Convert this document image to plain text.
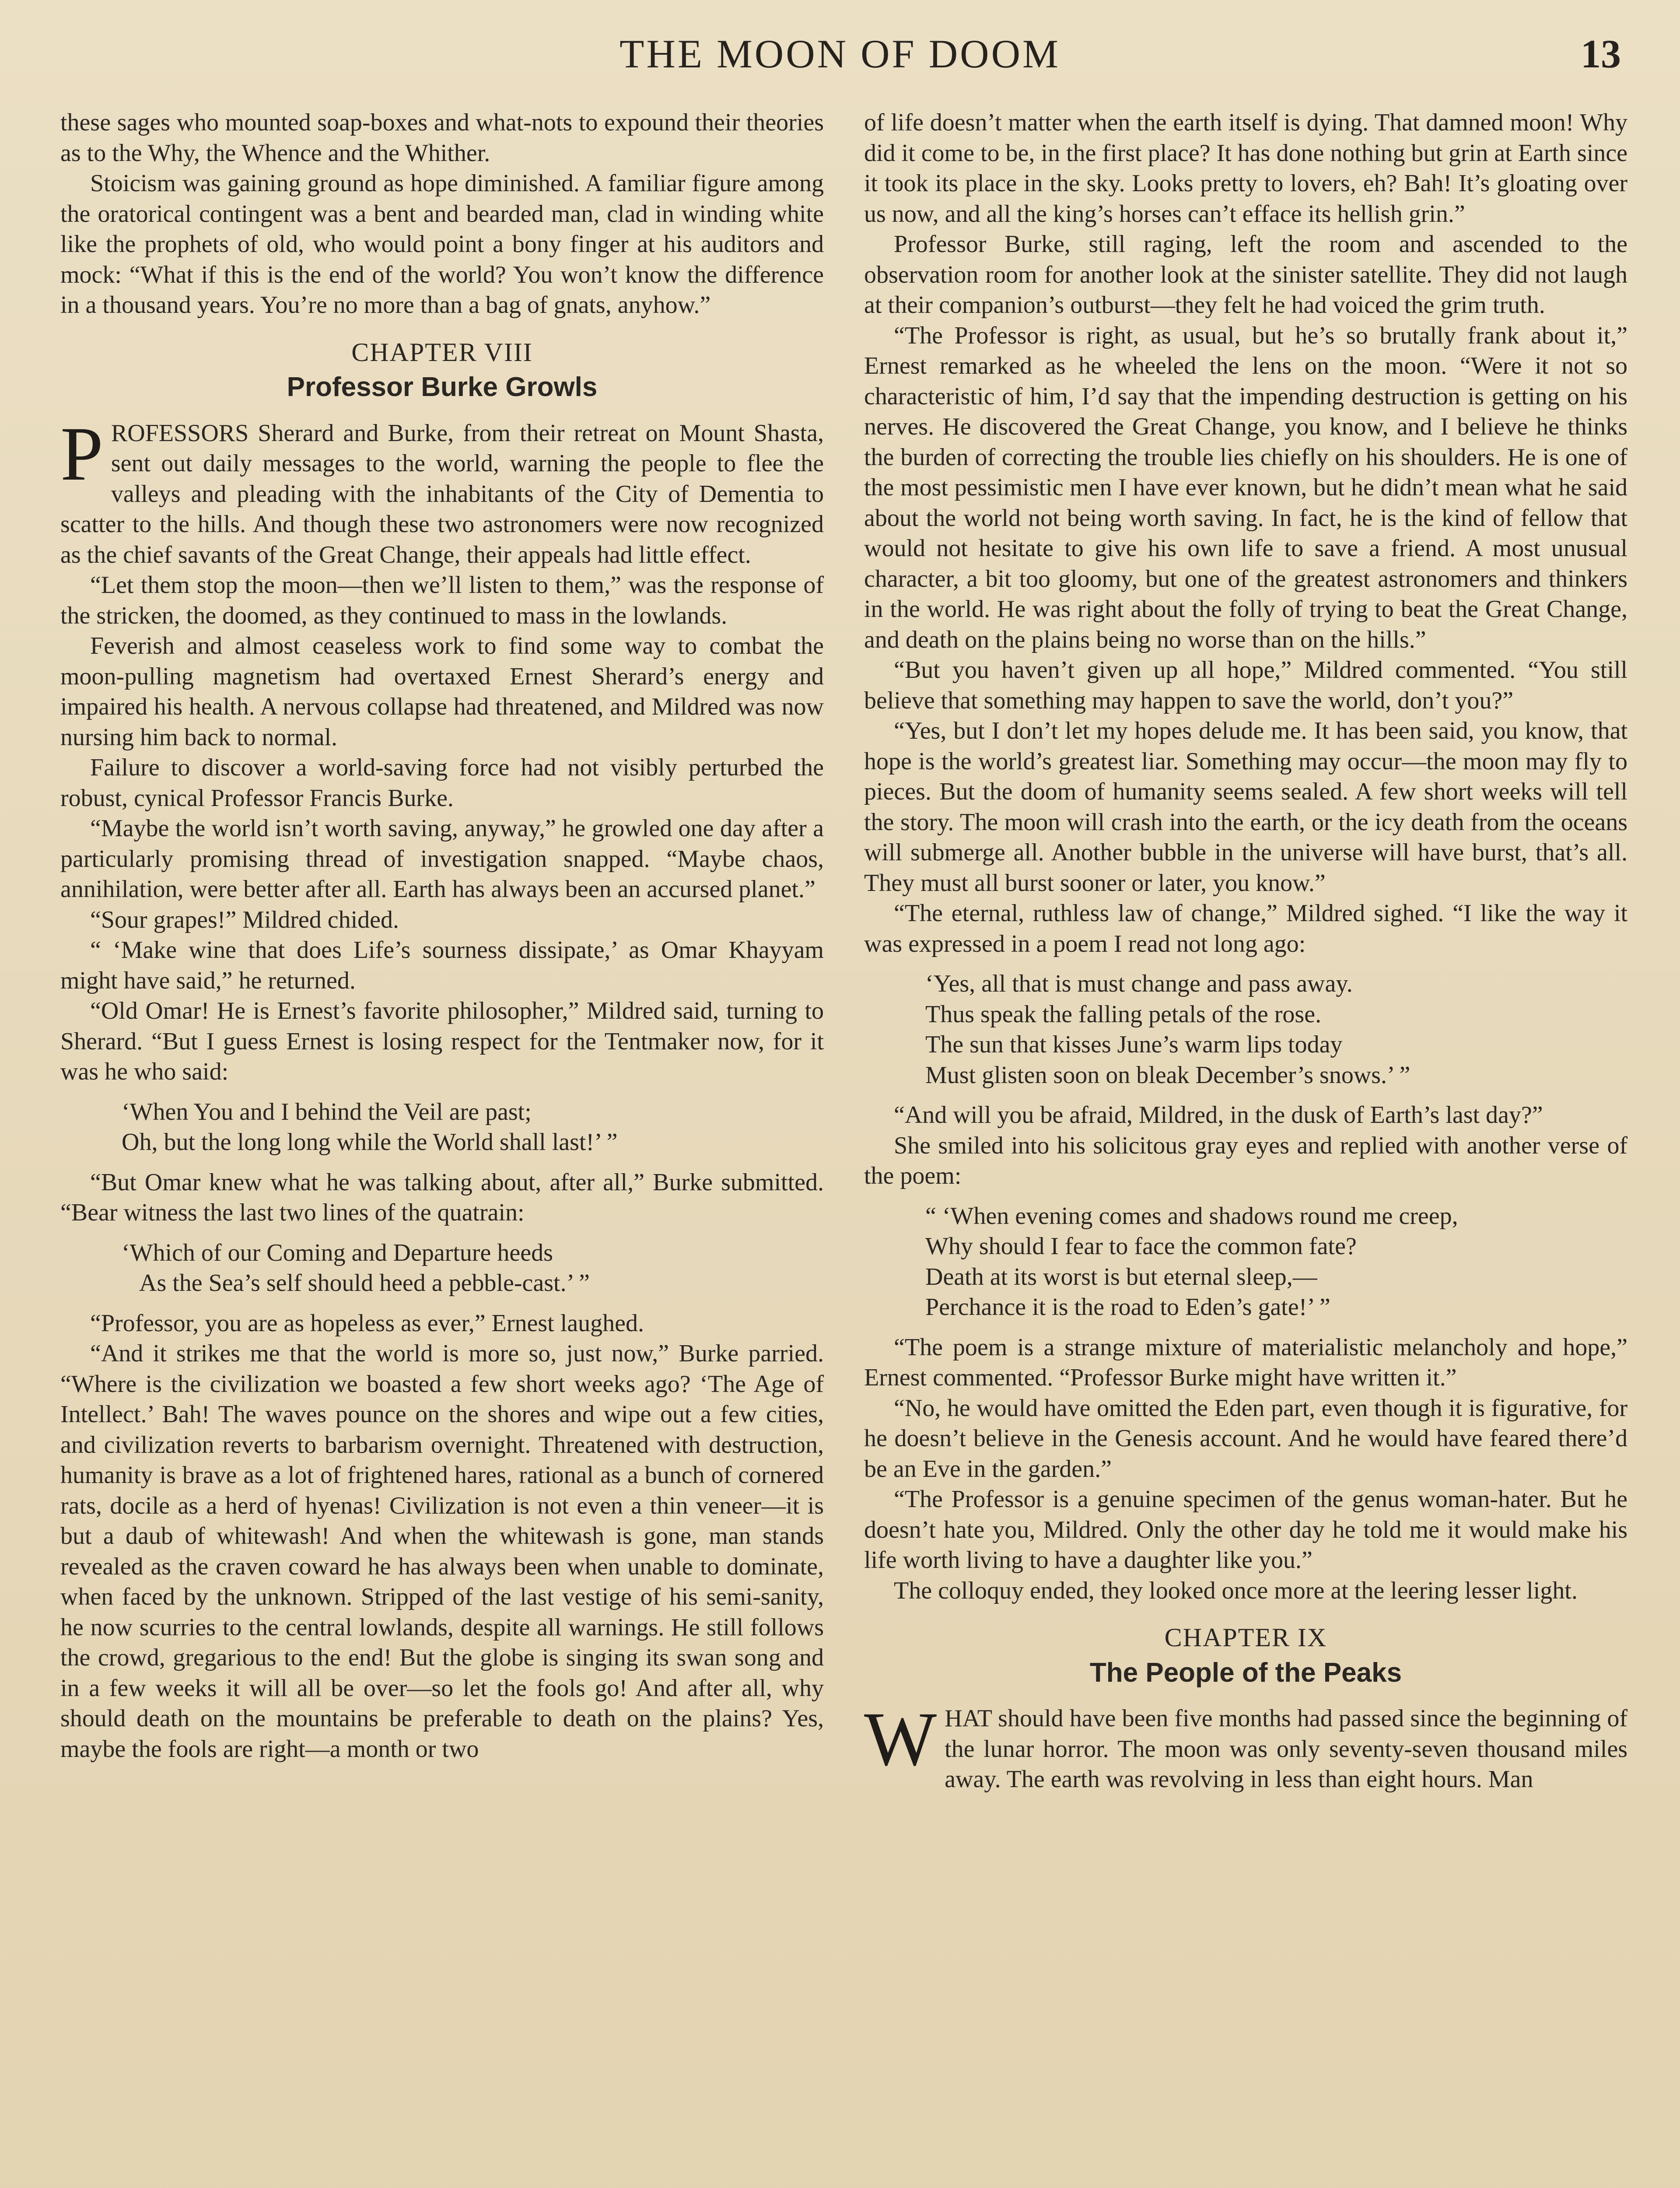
THE MOON OF DOOM	13

these sages who mounted soap-boxes and what-nots to expound their theories as to the Why, the Whence and the Whither.

Stoicism was gaining ground as hope diminished. A familiar figure among the oratorical contingent was a bent and bearded man, clad in winding white like the prophets of old, who would point a bony finger at his auditors and mock: “What if this is the end of the world? You won’t know the difference in a thousand years. You’re no more than a bag of gnats, anyhow.”

CHAPTER VIII
Professor Burke Growls

PROFESSORS Sherard and Burke, from their retreat on Mount Shasta, sent out daily messages to the world, warning the people to flee the valleys and pleading with the inhabitants of the City of Dementia to scatter to the hills. And though these two astronomers were now recognized as the chief savants of the Great Change, their appeals had little effect.

“Let them stop the moon—then we’ll listen to them,” was the response of the stricken, the doomed, as they continued to mass in the lowlands.

Feverish and almost ceaseless work to find some way to combat the moon-pulling magnetism had overtaxed Ernest Sherard’s energy and impaired his health. A nervous collapse had threatened, and Mildred was now nursing him back to normal.

Failure to discover a world-saving force had not visibly perturbed the robust, cynical Professor Francis Burke.

“Maybe the world isn’t worth saving, anyway,” he growled one day after a particularly promising thread of investigation snapped. “Maybe chaos, annihilation, were better after all. Earth has always been an accursed planet.”

“Sour grapes!” Mildred chided.

“ ‘Make wine that does Life’s sourness dissipate,’ as Omar Khayyam might have said,” he returned.

“Old Omar! He is Ernest’s favorite philosopher,” Mildred said, turning to Sherard. “But I guess Ernest is losing respect for the Tentmaker now, for it was he who said:

‘When You and I behind the Veil are past;
Oh, but the long long while the World shall last!’ ”

“But Omar knew what he was talking about, after all,” Burke submitted. “Bear witness the last two lines of the quatrain:

‘Which of our Coming and Departure heeds
As the Sea’s self should heed a pebble-cast.’ ”

“Professor, you are as hopeless as ever,” Ernest laughed.

“And it strikes me that the world is more so, just now,” Burke parried. “Where is the civilization we boasted a few short weeks ago? ‘The Age of Intellect.’ Bah! The waves pounce on the shores and wipe out a few cities, and civilization reverts to barbarism overnight. Threatened with destruction, humanity is brave as a lot of frightened hares, rational as a bunch of cornered rats, docile as a herd of hyenas! Civilization is not even a thin veneer—it is but a daub of whitewash! And when the whitewash is gone, man stands revealed as the craven coward he has always been when unable to dominate, when faced by the unknown. Stripped of the last vestige of his semi-sanity, he now scurries to the central lowlands, despite all warnings. He still follows the crowd, gregarious to the end! But the globe is singing its swan song and in a few weeks it will all be over—so let the fools go! And after all, why should death on the mountains be preferable to death on the plains? Yes, maybe the fools are right—a month or two

of life doesn’t matter when the earth itself is dying. That damned moon! Why did it come to be, in the first place? It has done nothing but grin at Earth since it took its place in the sky. Looks pretty to lovers, eh? Bah! It’s gloating over us now, and all the king’s horses can’t efface its hellish grin.”

Professor Burke, still raging, left the room and ascended to the observation room for another look at the sinister satellite. They did not laugh at their companion’s outburst—they felt he had voiced the grim truth.

“The Professor is right, as usual, but he’s so brutally frank about it,” Ernest remarked as he wheeled the lens on the moon. “Were it not so characteristic of him, I’d say that the impending destruction is getting on his nerves. He discovered the Great Change, you know, and I believe he thinks the burden of correcting the trouble lies chiefly on his shoulders. He is one of the most pessimistic men I have ever known, but he didn’t mean what he said about the world not being worth saving. In fact, he is the kind of fellow that would not hesitate to give his own life to save a friend. A most unusual character, a bit too gloomy, but one of the greatest astronomers and thinkers in the world. He was right about the folly of trying to beat the Great Change, and death on the plains being no worse than on the hills.”

“But you haven’t given up all hope,” Mildred commented. “You still believe that something may happen to save the world, don’t you?”

“Yes, but I don’t let my hopes delude me. It has been said, you know, that hope is the world’s greatest liar. Something may occur—the moon may fly to pieces. But the doom of humanity seems sealed. A few short weeks will tell the story. The moon will crash into the earth, or the icy death from the oceans will submerge all. Another bubble in the universe will have burst, that’s all. They must all burst sooner or later, you know.”

“The eternal, ruthless law of change,” Mildred sighed. “I like the way it was expressed in a poem I read not long ago:

‘Yes, all that is must change and pass away.
Thus speak the falling petals of the rose.
The sun that kisses June’s warm lips today
Must glisten soon on bleak December’s snows.’ ”

“And will you be afraid, Mildred, in the dusk of Earth’s last day?”

She smiled into his solicitous gray eyes and replied with another verse of the poem:

“ ‘When evening comes and shadows round me creep,
Why should I fear to face the common fate?
Death at its worst is but eternal sleep,—
Perchance it is the road to Eden’s gate!’ ”

“The poem is a strange mixture of materialistic melancholy and hope,” Ernest commented. “Professor Burke might have written it.”

“No, he would have omitted the Eden part, even though it is figurative, for he doesn’t believe in the Genesis account. And he would have feared there’d be an Eve in the garden.”

“The Professor is a genuine specimen of the genus woman-hater. But he doesn’t hate you, Mildred. Only the other day he told me it would make his life worth living to have a daughter like you.”

The colloquy ended, they looked once more at the leering lesser light.

CHAPTER IX
The People of the Peaks

WHAT should have been five months had passed since the beginning of the lunar horror. The moon was only seventy-seven thousand miles away. The earth was revolving in less than eight hours. Man
